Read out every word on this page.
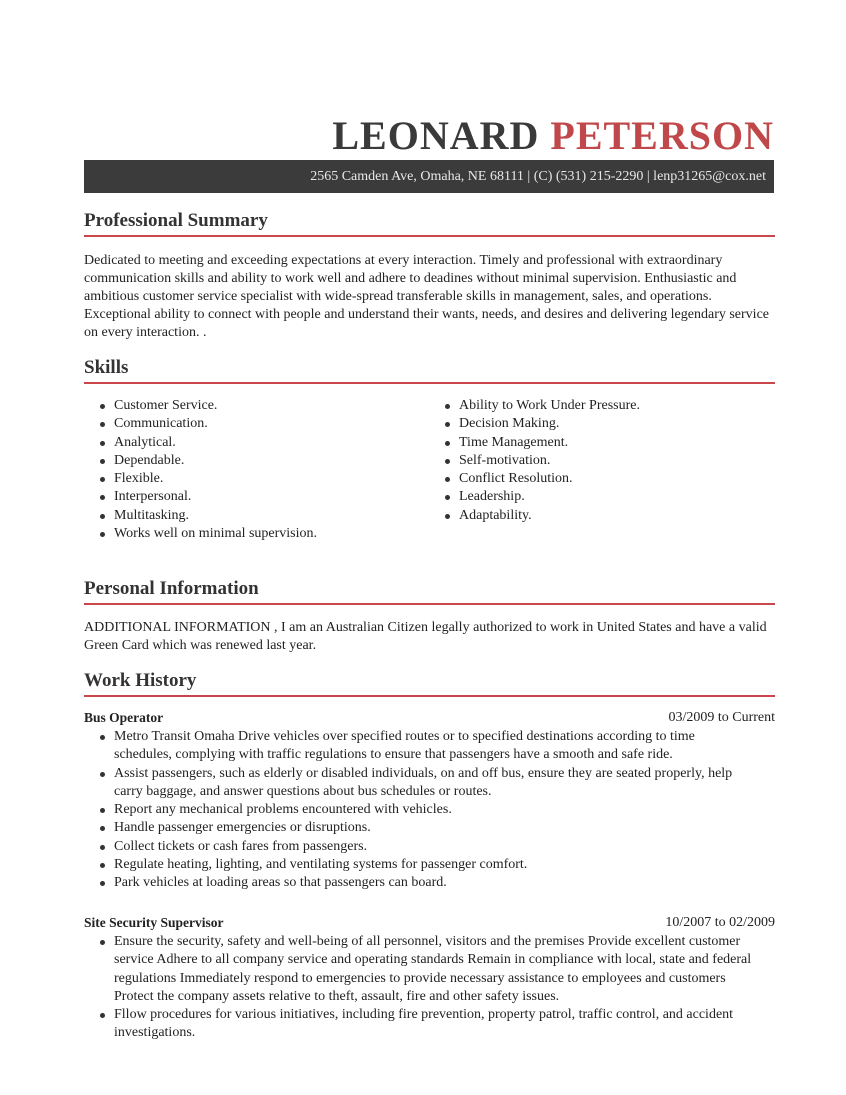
LEONARD PETERSON
2565 Camden Ave, Omaha, NE 68111 | (C) (531) 215-2290 | lenp31265@cox.net
Professional Summary
Dedicated to meeting and exceeding expectations at every interaction. Timely and professional with extraordinary communication skills and ability to work well and adhere to deadines without minimal supervision. Enthusiastic and ambitious customer service specialist with wide-spread transferable skills in management, sales, and operations. Exceptional ability to connect with people and understand their wants, needs, and desires and delivering legendary service on every interaction. .
Skills
Customer Service.
Communication.
Analytical.
Dependable.
Flexible.
Interpersonal.
Multitasking.
Works well on minimal supervision.
Ability to Work Under Pressure.
Decision Making.
Time Management.
Self-motivation.
Conflict Resolution.
Leadership.
Adaptability.
Personal Information
ADDITIONAL INFORMATION , I am an Australian Citizen legally authorized to work in United States and have a valid Green Card which was renewed last year.
Work History
Bus Operator	03/2009 to Current
Metro Transit Omaha Drive vehicles over specified routes or to specified destinations according to time schedules, complying with traffic regulations to ensure that passengers have a smooth and safe ride.
Assist passengers, such as elderly or disabled individuals, on and off bus, ensure they are seated properly, help carry baggage, and answer questions about bus schedules or routes.
Report any mechanical problems encountered with vehicles.
Handle passenger emergencies or disruptions.
Collect tickets or cash fares from passengers.
Regulate heating, lighting, and ventilating systems for passenger comfort.
Park vehicles at loading areas so that passengers can board.
Site Security Supervisor	10/2007 to 02/2009
Ensure the security, safety and well-being of all personnel, visitors and the premises Provide excellent customer service Adhere to all company service and operating standards Remain in compliance with local, state and federal regulations Immediately respond to emergencies to provide necessary assistance to employees and customers Protect the company assets relative to theft, assault, fire and other safety issues.
Fllow procedures for various initiatives, including fire prevention, property patrol, traffic control, and accident investigations.
